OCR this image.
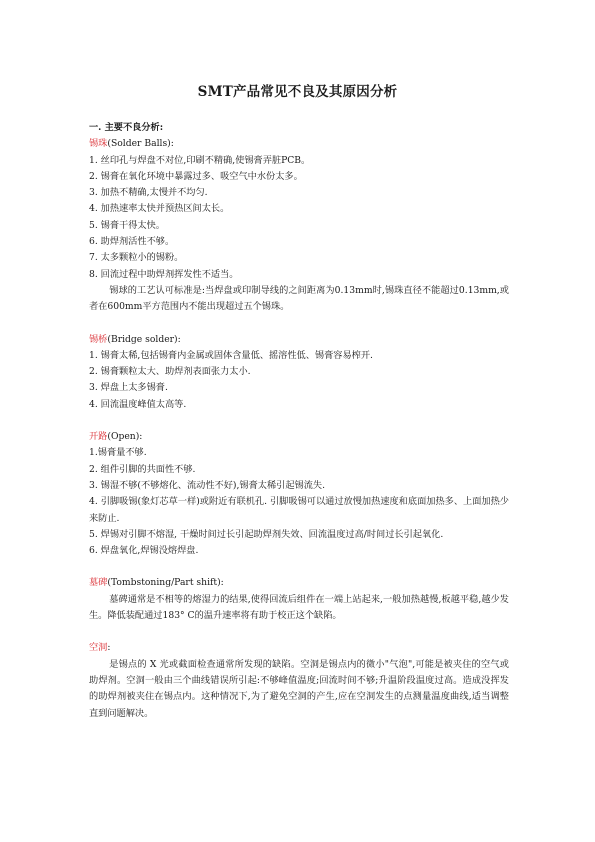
SMT产品常见不良及其原因分析

一. 主要不良分析:

锡珠(Solder Balls):

1. 丝印孔与焊盘不对位,印刷不精确,使锡膏弄脏PCB。

2. 锡膏在氧化环境中暴露过多、吸空气中水份太多。

3. 加热不精确,太慢并不均匀.

4. 加热速率太快并预热区间太长。

5. 锡膏干得太快。

6. 助焊剂活性不够。

7. 太多颗粒小的锡粉。

8. 回流过程中助焊剂挥发性不适当。

锡球的工艺认可标准是:当焊盘或印制导线的之间距离为0.13mm时,锡珠直径不能超过0.13mm,或者在600mm平方范围内不能出现超过五个锡珠。

锡桥(Bridge solder):

1. 锡膏太稀,包括锡膏内金属或固体含量低、摇溶性低、锡膏容易榨开.

2. 锡膏颗粒太大、助焊剂表面张力太小.

3. 焊盘上太多锡膏.

4. 回流温度峰值太高等.

开路(Open):

1.锡膏量不够.

2. 组件引脚的共面性不够.

3. 锡湿不够(不够熔化、流动性不好),锡膏太稀引起锡流失.

4. 引脚吸锡(象灯芯草一样)或附近有联机孔. 引脚吸锡可以通过放慢加热速度和底面加热多、上面加热少来防止.

5. 焊锡对引脚不熔湿, 干燥时间过长引起助焊剂失效、回流温度过高/时间过长引起氧化.

6. 焊盘氧化,焊锡没熔焊盘.

墓碑(Tombstoning/Part shift):

墓碑通常是不相等的熔湿力的结果,使得回流后组件在一端上站起来,一般加热越慢,板越平稳,越少发生。降低装配通过183° C的温升速率将有助于校正这个缺陷。

空洞:

是锡点的 X 光或截面检查通常所发现的缺陷。空洞是锡点内的微小"气泡",可能是被夹住的空气或助焊剂。空洞一般由三个曲线错误所引起:不够峰值温度;回流时间不够;升温阶段温度过高。造成没挥发的助焊剂被夹住在锡点内。这种情况下,为了避免空洞的产生,应在空洞发生的点测量温度曲线,适当调整直到问题解决。
